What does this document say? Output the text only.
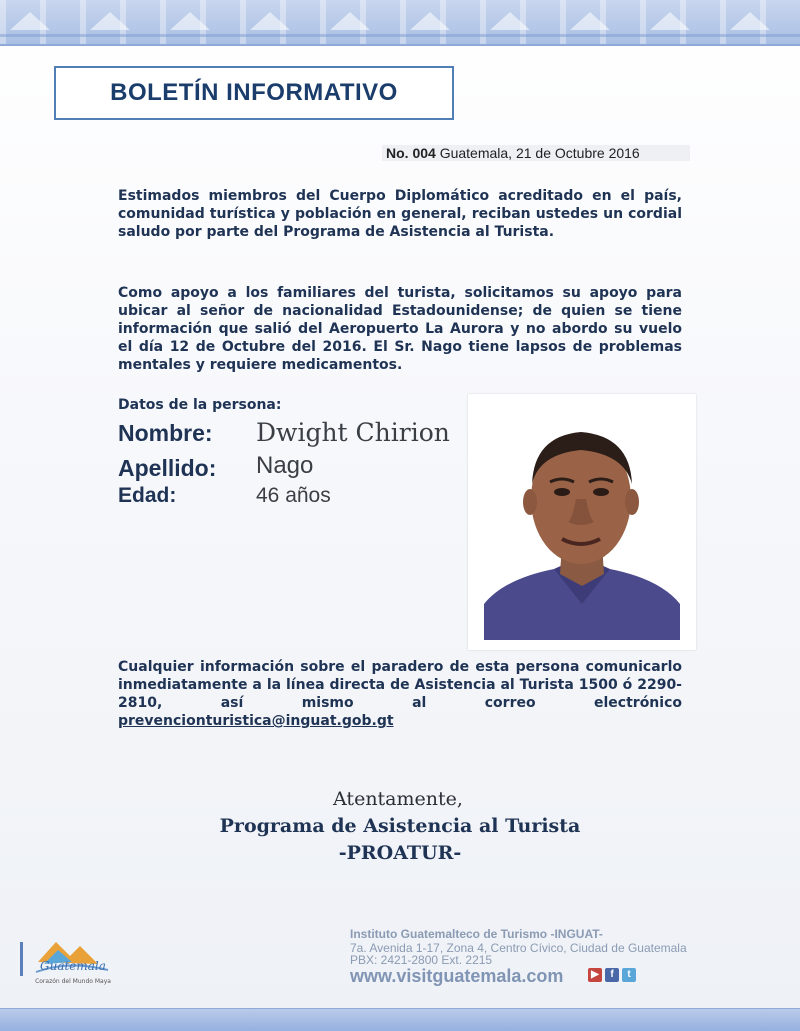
BOLETÍN INFORMATIVO
No. 004 Guatemala, 21 de Octubre 2016
Estimados miembros del Cuerpo Diplomático acreditado en el país, comunidad turística y población en general, reciban ustedes un cordial saludo por parte del Programa de Asistencia al Turista.
Como apoyo a los familiares del turista, solicitamos su apoyo para ubicar al señor de nacionalidad Estadounidense; de quien se tiene información que salió del Aeropuerto La Aurora y no abordo su vuelo el día 12 de Octubre del 2016. El Sr. Nago tiene lapsos de problemas mentales y requiere medicamentos.
Datos de la persona:
Nombre: Dwight Chirion
Apellido: Nago
Edad:	46 años
Cualquier información sobre el paradero de esta persona comunicarlo inmediatamente a la línea directa de Asistencia al Turista 1500 ó 2290-2810, así mismo al correo electrónico prevencionturistica@inguat.gob.gt
Atentamente,
Programa de Asistencia al Turista
-PROATUR-
Guatemala
Corazón del Mundo Maya
Instituto Guatemalteco de Turismo -INGUAT-
7a. Avenida 1-17, Zona 4, Centro Cívico, Ciudad de Guatemala
PBX: 2421-2800 Ext. 2215
www.visitguatemala.com	▶	f	t
